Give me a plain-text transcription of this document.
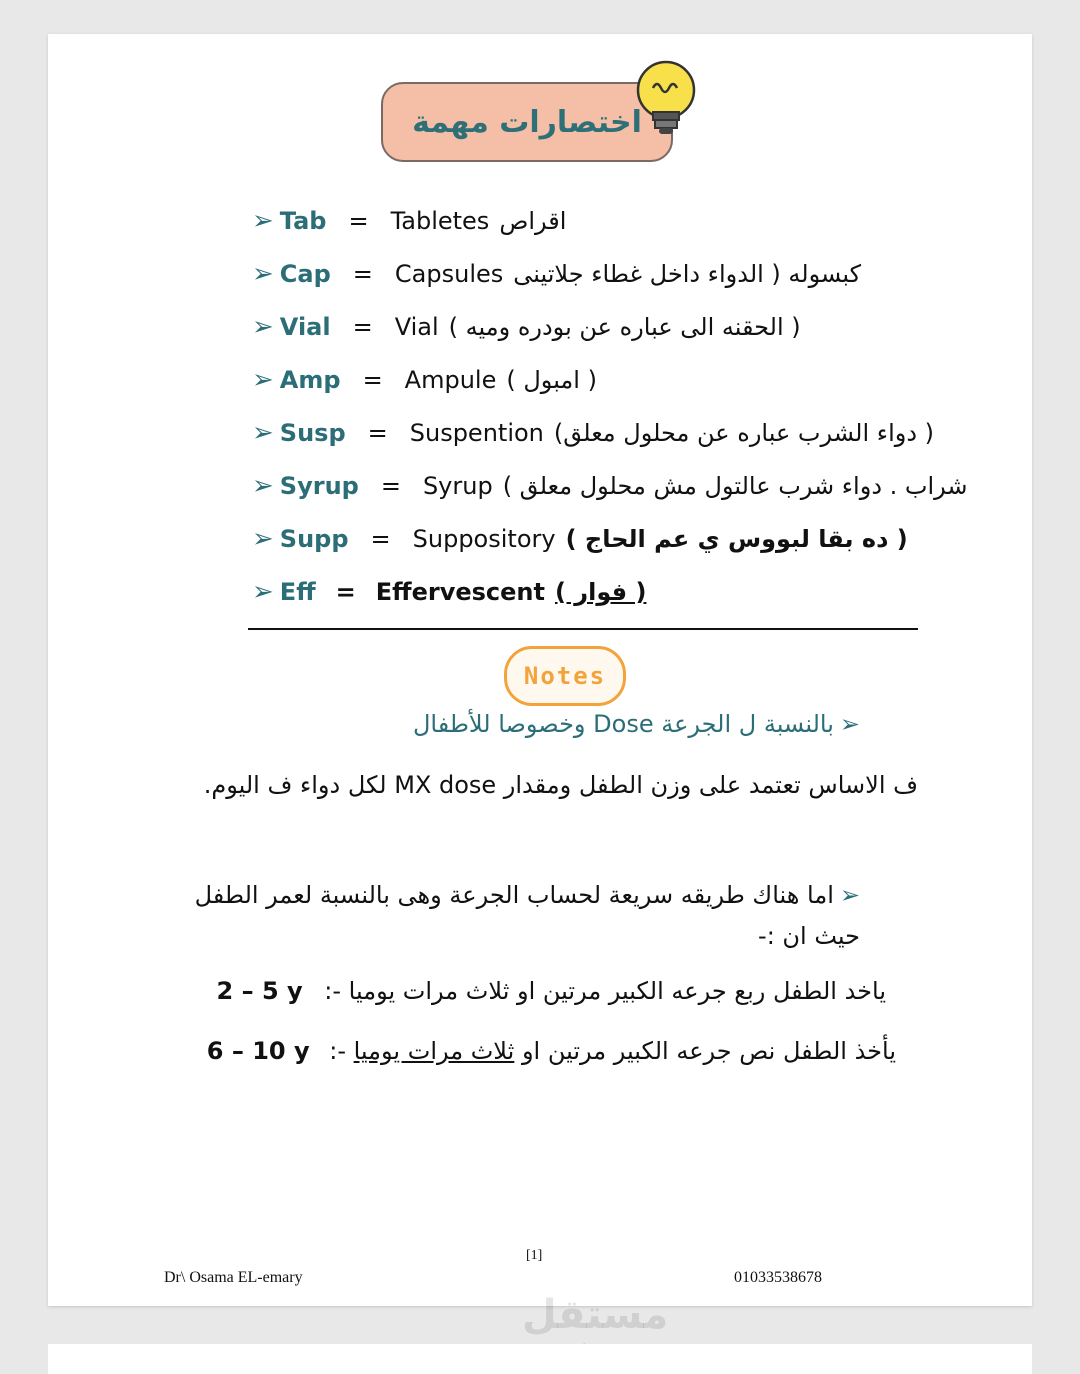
اختصارات مهمة
➢ Tab = Tabletes اقراص
➢ Cap = Capsules كبسوله ( الدواء داخل غطاء جلاتينى
➢ Vial = Vial ( الحقنه الى عباره عن بودره وميه )
➢ Amp = Ampule ( امبول )
➢ Susp = Suspention ( دواء الشرب عباره عن محلول معلق)
➢ Syrup = Syrup شراب . دواء شرب عالتول مش محلول معلق )
➢ Supp = Suppository ( ده بقا لبووس ي عم الحاج )
➢ Eff = Effervescent ( فوار )
Notes
➢بالنسبة ل الجرعة Dose وخصوصا للأطفال
ف الاساس تعتمد على وزن الطفل ومقدار MX dose لكل دواء ف اليوم.
➢اما هناك طريقه سريعة لحساب الجرعة وهى بالنسبة لعمر الطفل
حيث ان :-
ياخد الطفل ربع جرعه الكبير مرتين او ثلاث مرات يوميا -: 2 – 5 y
يأخذ الطفل نص جرعه الكبير مرتين او ثلاث مرات يوميا -: 6 – 10 y
[1]
Dr\ Osama EL-emary	01033538678
مستقل
